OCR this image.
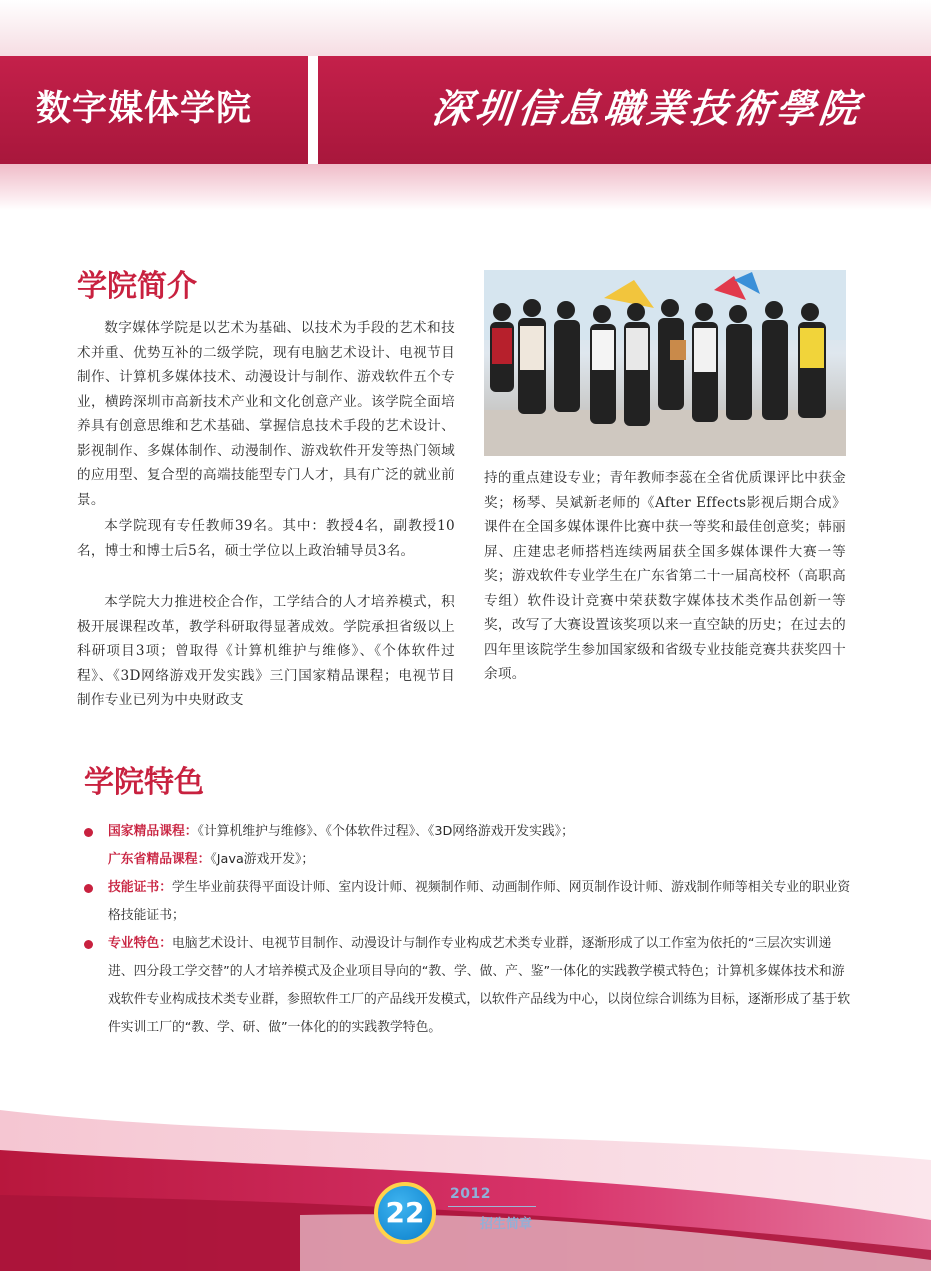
数字媒体学院	深圳信息職業技術學院
学院简介

数字媒体学院是以艺术为基础、以技术为手段的艺术和技术并重、优势互补的二级学院，现有电脑艺术设计、电视节目制作、计算机多媒体技术、动漫设计与制作、游戏软件五个专业，横跨深圳市高新技术产业和文化创意产业。该学院全面培养具有创意思维和艺术基础、掌握信息技术手段的艺术设计、影视制作、多媒体制作、动漫制作、游戏软件开发等热门领域的应用型、复合型的高端技能型专门人才，具有广泛的就业前景。

本学院现有专任教师39名。其中：教授4名，副教授10名，博士和博士后5名，硕士学位以上政治辅导员3名。

本学院大力推进校企合作，工学结合的人才培养模式，积极开展课程改革，教学科研取得显著成效。学院承担省级以上科研项目3项；曾取得《计算机维护与维修》、《个体软件过程》、《3D网络游戏开发实践》三门国家精品课程；电视节目制作专业已列为中央财政支

持的重点建设专业；青年教师李蕊在全省优质课评比中获金奖；杨琴、吴斌新老师的《After Effects影视后期合成》课件在全国多媒体课件比赛中获一等奖和最佳创意奖；韩丽屏、庄建忠老师搭档连续两届获全国多媒体课件大赛一等奖；游戏软件专业学生在广东省第二十一届高校杯（高职高专组）软件设计竞赛中荣获数字媒体技术类作品创新一等奖，改写了大赛设置该奖项以来一直空缺的历史；在过去的四年里该院学生参加国家级和省级专业技能竞赛共获奖四十余项。

学院特色
国家精品课程：《计算机维护与维修》、《个体软件过程》、《3D网络游戏开发实践》；
广东省精品课程：《Java游戏开发》；
技能证书：学生毕业前获得平面设计师、室内设计师、视频制作师、动画制作师、网页制作设计师、游戏制作师等相关专业的职业资格技能证书；
专业特色：电脑艺术设计、电视节目制作、动漫设计与制作专业构成艺术类专业群，逐渐形成了以工作室为依托的“三层次实训递进、四分段工学交替”的人才培养模式及企业项目导向的“教、学、做、产、鉴”一体化的实践教学模式特色；计算机多媒体技术和游戏软件专业构成技术类专业群，参照软件工厂的产品线开发模式，以软件产品线为中心，以岗位综合训练为目标，逐渐形成了基于软件实训工厂的“教、学、研、做”一体化的的实践教学特色。
22
2012
招生简章
